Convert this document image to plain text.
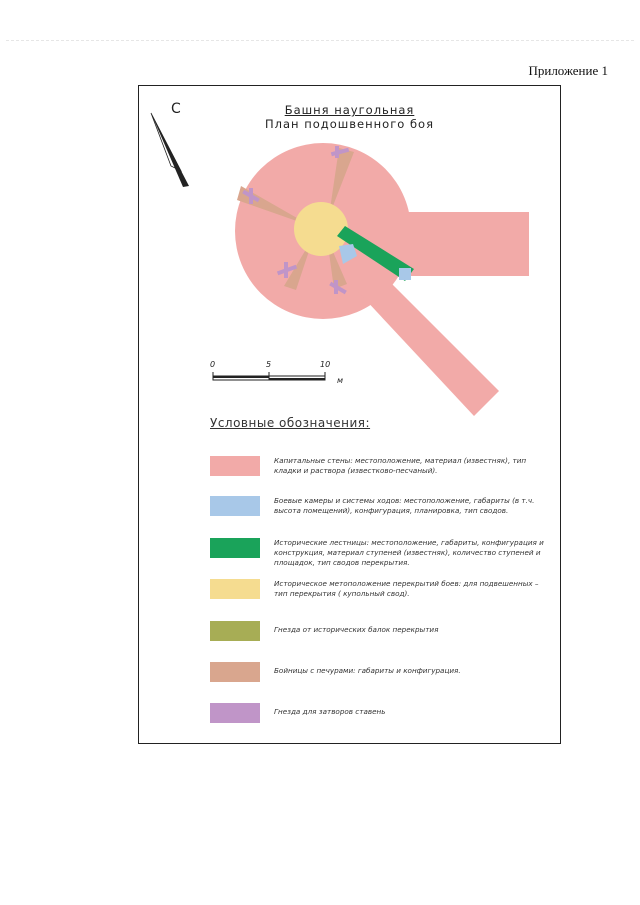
Приложение 1
Башня наугольная
План подошвенного боя
С
0	5	10
м
Условные обозначения:
Капитальные стены: местоположение, материал (известняк), тип кладки и раствора (известково-песчаный).
Боевые камеры и системы ходов: местоположение, габариты (в т.ч. высота помещений), конфигурация, планировка, тип сводов.
Исторические лестницы: местоположение, габариты, конфигурация и конструкция, материал ступеней (известняк), количество ступеней и площадок, тип сводов перекрытия.
Историческое метоположение перекрытий боев: для подвешенных – тип перекрытия ( купольный свод).
Гнезда от исторических балок перекрытия
Бойницы с печурами: габариты и конфигурация.
Гнезда для затворов ставень
